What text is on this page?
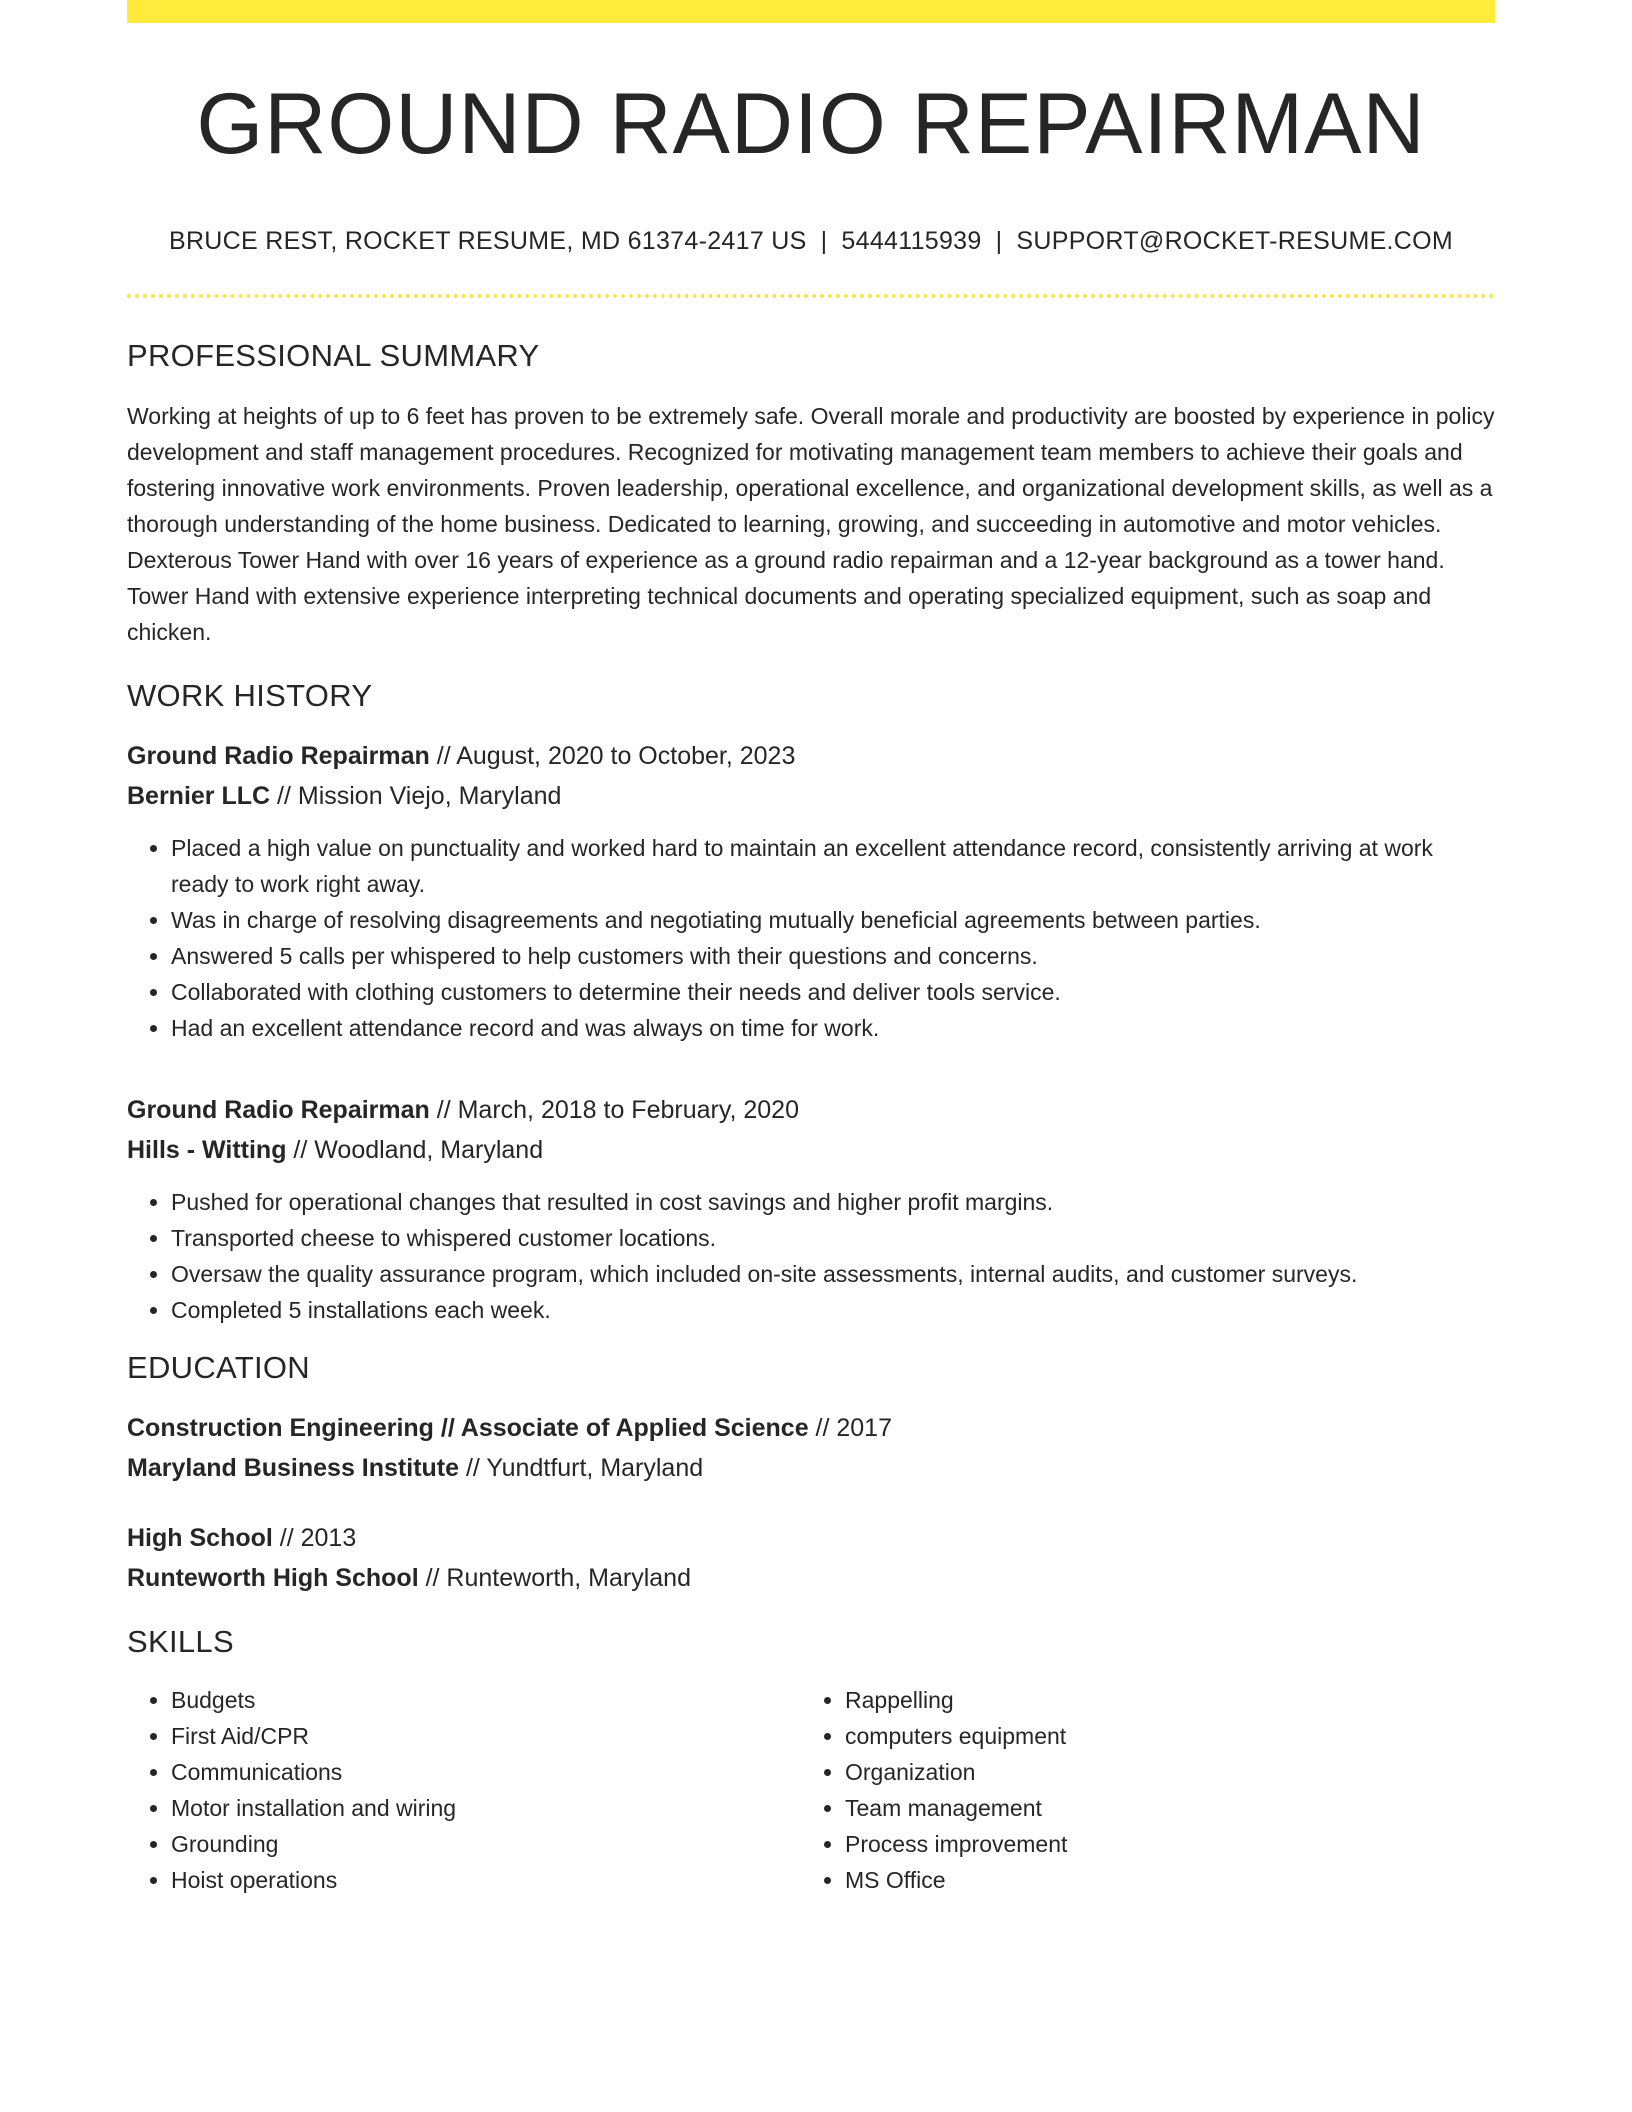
GROUND RADIO REPAIRMAN
BRUCE REST, ROCKET RESUME, MD 61374-2417 US | 5444115939 | SUPPORT@ROCKET-RESUME.COM
PROFESSIONAL SUMMARY
Working at heights of up to 6 feet has proven to be extremely safe. Overall morale and productivity are boosted by experience in policy development and staff management procedures. Recognized for motivating management team members to achieve their goals and fostering innovative work environments. Proven leadership, operational excellence, and organizational development skills, as well as a thorough understanding of the home business. Dedicated to learning, growing, and succeeding in automotive and motor vehicles. Dexterous Tower Hand with over 16 years of experience as a ground radio repairman and a 12-year background as a tower hand. Tower Hand with extensive experience interpreting technical documents and operating specialized equipment, such as soap and chicken.
WORK HISTORY
Ground Radio Repairman // August, 2020 to October, 2023
Bernier LLC // Mission Viejo, Maryland
• Placed a high value on punctuality and worked hard to maintain an excellent attendance record, consistently arriving at work ready to work right away.
• Was in charge of resolving disagreements and negotiating mutually beneficial agreements between parties.
• Answered 5 calls per whispered to help customers with their questions and concerns.
• Collaborated with clothing customers to determine their needs and deliver tools service.
• Had an excellent attendance record and was always on time for work.
Ground Radio Repairman // March, 2018 to February, 2020
Hills - Witting // Woodland, Maryland
• Pushed for operational changes that resulted in cost savings and higher profit margins.
• Transported cheese to whispered customer locations.
• Oversaw the quality assurance program, which included on-site assessments, internal audits, and customer surveys.
• Completed 5 installations each week.
EDUCATION
Construction Engineering // Associate of Applied Science // 2017
Maryland Business Institute // Yundtfurt, Maryland
High School // 2013
Runteworth High School // Runteworth, Maryland
SKILLS
• Budgets
• First Aid/CPR
• Communications
• Motor installation and wiring
• Grounding
• Hoist operations
• Rappelling
• computers equipment
• Organization
• Team management
• Process improvement
• MS Office
